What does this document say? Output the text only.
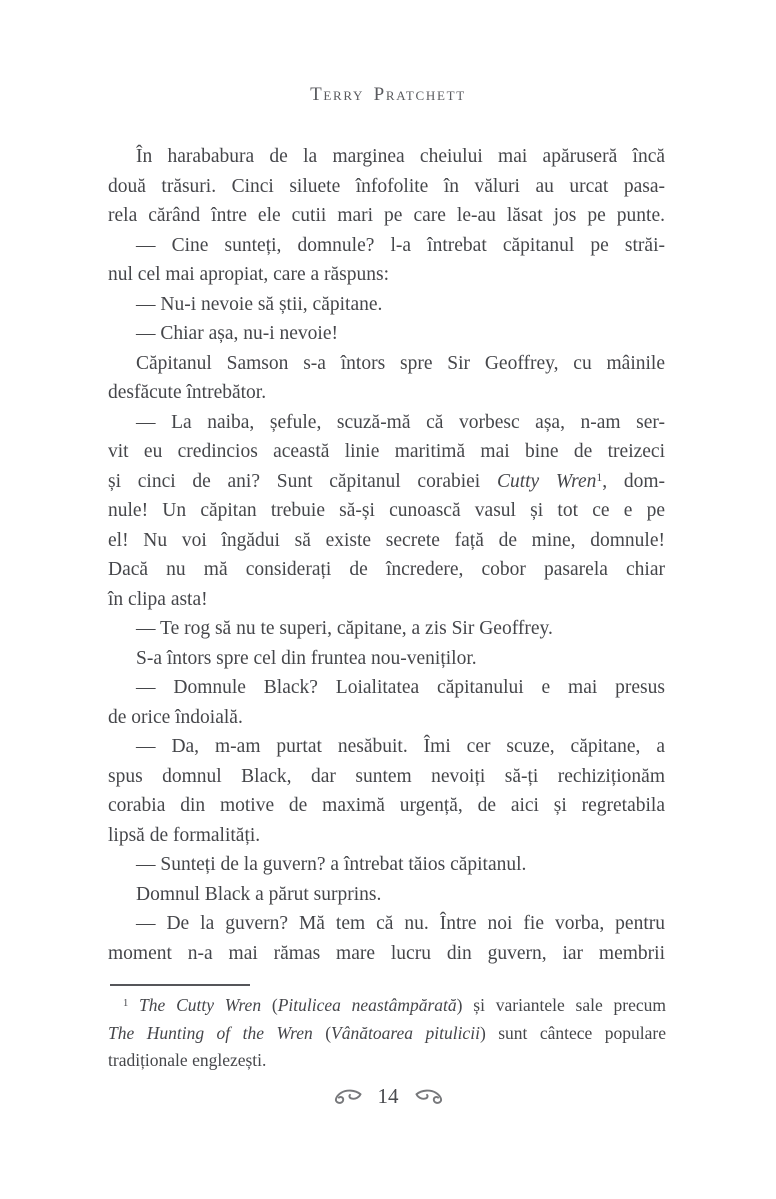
Terry Pratchett
În harababura de la marginea cheiului mai apăruseră încă
două trăsuri. Cinci siluete înfofolite în văluri au urcat pasa-
rela cărând între ele cutii mari pe care le-au lăsat jos pe punte.
— Cine sunteți, domnule? l-a întrebat căpitanul pe străi-
nul cel mai apropiat, care a răspuns:
— Nu-i nevoie să știi, căpitane.
— Chiar așa, nu-i nevoie!
Căpitanul Samson s-a întors spre Sir Geoffrey, cu mâinile
desfăcute întrebător.
— La naiba, șefule, scuză-mă că vorbesc așa, n-am ser-
vit eu credincios această linie maritimă mai bine de treizeci
și cinci de ani? Sunt căpitanul corabiei Cutty Wren$^1$, dom-
nule! Un căpitan trebuie să-și cunoască vasul și tot ce e pe
el! Nu voi îngădui să existe secrete față de mine, domnule!
Dacă nu mă considerați de încredere, cobor pasarela chiar
în clipa asta!
— Te rog să nu te superi, căpitane, a zis Sir Geoffrey.
S-a întors spre cel din fruntea nou-veniților.
— Domnule Black? Loialitatea căpitanului e mai presus
de orice îndoială.
— Da, m-am purtat nesăbuit. Îmi cer scuze, căpitane, a
spus domnul Black, dar suntem nevoiți să-ți rechiziționăm
corabia din motive de maximă urgență, de aici și regretabila
lipsă de formalități.
— Sunteți de la guvern? a întrebat tăios căpitanul.
Domnul Black a părut surprins.
— De la guvern? Mă tem că nu. Între noi fie vorba, pentru
moment n-a mai rămas mare lucru din guvern, iar membrii
$^1$ The Cutty Wren (Pitulicea neastâmpărată) și variantele sale precum
The Hunting of the Wren (Vânătoarea pitulicii) sunt cântece populare
tradiționale englezești.
14
